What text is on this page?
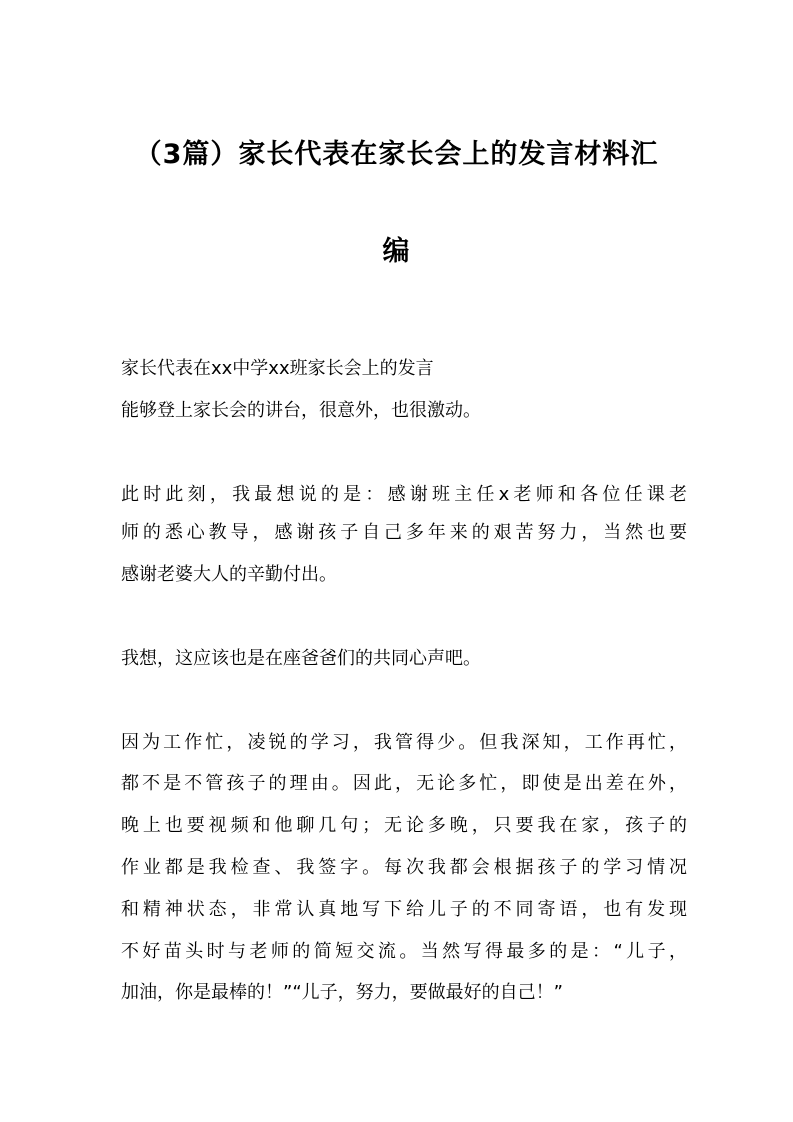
（3篇）家长代表在家长会上的发言材料汇
编
家长代表在xx中学xx班家长会上的发言
能够登上家长会的讲台，很意外，也很激动。
此时此刻，我最想说的是：感谢班主任x老师和各位任课老
师的悉心教导，感谢孩子自己多年来的艰苦努力，当然也要
感谢老婆大人的辛勤付出。
我想，这应该也是在座爸爸们的共同心声吧。
因为工作忙，凌锐的学习，我管得少。但我深知，工作再忙，
都不是不管孩子的理由。因此，无论多忙，即使是出差在外，
晚上也要视频和他聊几句；无论多晚，只要我在家，孩子的
作业都是我检查、我签字。每次我都会根据孩子的学习情况
和精神状态，非常认真地写下给儿子的不同寄语，也有发现
不好苗头时与老师的简短交流。当然写得最多的是：“儿子，
加油，你是最棒的！”“儿子，努力，要做最好的自己！”
